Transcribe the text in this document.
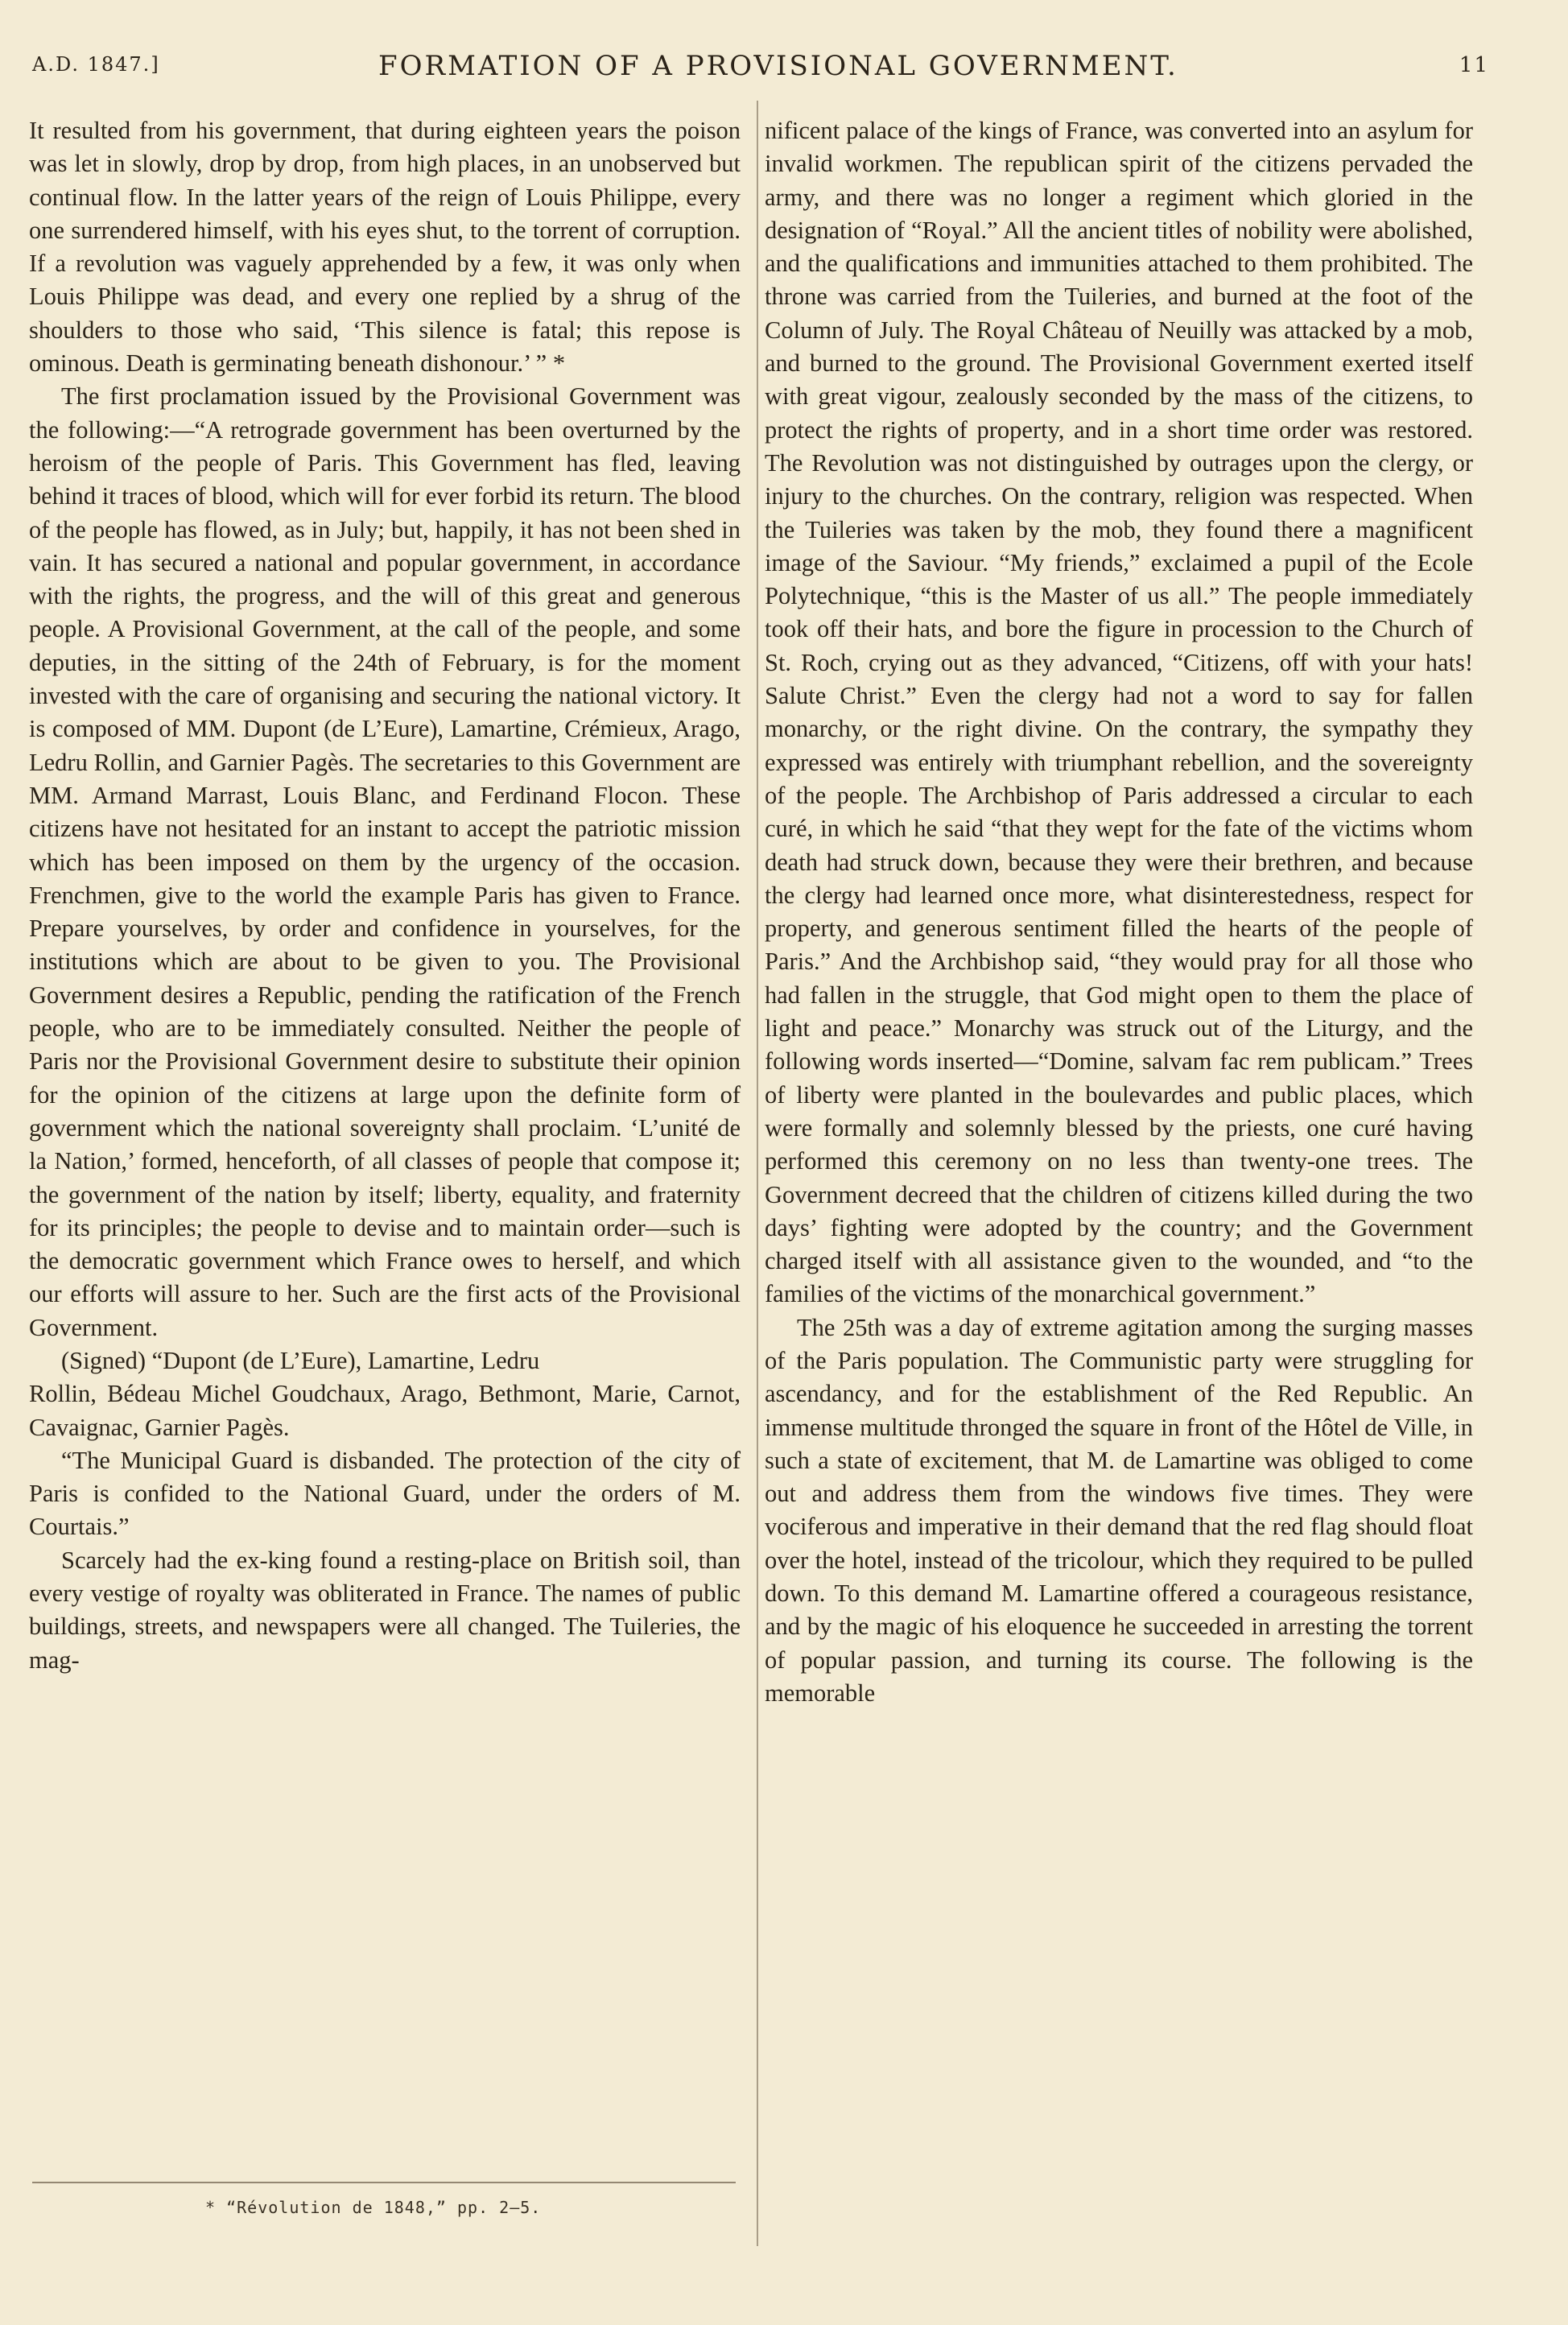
A.D. 1847.]	FORMATION OF A PROVISIONAL GOVERNMENT.	11

It resulted from his government, that during eighteen years the poison was let in slowly, drop by drop, from high places, in an unobserved but continual flow. In the latter years of the reign of Louis Philippe, every one surrendered himself, with his eyes shut, to the torrent of corruption. If a revolution was vaguely apprehended by a few, it was only when Louis Philippe was dead, and every one replied by a shrug of the shoulders to those who said, ‘This silence is fatal; this repose is ominous. Death is germinating beneath dishonour.’ ” *

The first proclamation issued by the Provisional Government was the following:—“A retrograde government has been overturned by the heroism of the people of Paris. This Government has fled, leaving behind it traces of blood, which will for ever forbid its return. The blood of the people has flowed, as in July; but, happily, it has not been shed in vain. It has secured a national and popular government, in accordance with the rights, the progress, and the will of this great and generous people. A Provisional Government, at the call of the people, and some deputies, in the sitting of the 24th of February, is for the moment invested with the care of organising and securing the national victory. It is composed of MM. Dupont (de L’Eure), Lamartine, Crémieux, Arago, Ledru Rollin, and Garnier Pagès. The secretaries to this Government are MM. Armand Marrast, Louis Blanc, and Ferdinand Flocon. These citizens have not hesitated for an instant to accept the patriotic mission which has been imposed on them by the urgency of the occasion. Frenchmen, give to the world the example Paris has given to France. Prepare yourselves, by order and confidence in yourselves, for the institutions which are about to be given to you. The Provisional Government desires a Republic, pending the ratification of the French people, who are to be immediately consulted. Neither the people of Paris nor the Provisional Government desire to substitute their opinion for the opinion of the citizens at large upon the definite form of government which the national sovereignty shall proclaim. ‘L’unité de la Nation,’ formed, henceforth, of all classes of people that compose it; the government of the nation by itself; liberty, equality, and fraternity for its principles; the people to devise and to maintain order—such is the democratic government which France owes to herself, and which our efforts will assure to her. Such are the first acts of the Provisional Government.

(Signed) “Dupont (de L’Eure), Lamartine, Ledru

Rollin, Bédeau Michel Goudchaux, Arago, Bethmont, Marie, Carnot, Cavaignac, Garnier Pagès.

“The Municipal Guard is disbanded. The protection of the city of Paris is confided to the National Guard, under the orders of M. Courtais.”

Scarcely had the ex-king found a resting-place on British soil, than every vestige of royalty was obliterated in France. The names of public buildings, streets, and newspapers were all changed. The Tuileries, the mag-

nificent palace of the kings of France, was converted into an asylum for invalid workmen. The republican spirit of the citizens pervaded the army, and there was no longer a regiment which gloried in the designation of “Royal.” All the ancient titles of nobility were abolished, and the qualifications and immunities attached to them prohibited. The throne was carried from the Tuileries, and burned at the foot of the Column of July. The Royal Château of Neuilly was attacked by a mob, and burned to the ground. The Provisional Government exerted itself with great vigour, zealously seconded by the mass of the citizens, to protect the rights of property, and in a short time order was restored. The Revolution was not distinguished by outrages upon the clergy, or injury to the churches. On the contrary, religion was respected. When the Tuileries was taken by the mob, they found there a magnificent image of the Saviour. “My friends,” exclaimed a pupil of the Ecole Polytechnique, “this is the Master of us all.” The people immediately took off their hats, and bore the figure in procession to the Church of St. Roch, crying out as they advanced, “Citizens, off with your hats! Salute Christ.” Even the clergy had not a word to say for fallen monarchy, or the right divine. On the contrary, the sympathy they expressed was entirely with triumphant rebellion, and the sovereignty of the people. The Archbishop of Paris addressed a circular to each curé, in which he said “that they wept for the fate of the victims whom death had struck down, because they were their brethren, and because the clergy had learned once more, what disinterestedness, respect for property, and generous sentiment filled the hearts of the people of Paris.” And the Archbishop said, “they would pray for all those who had fallen in the struggle, that God might open to them the place of light and peace.” Monarchy was struck out of the Liturgy, and the following words inserted—“Domine, salvam fac rem publicam.” Trees of liberty were planted in the boulevardes and public places, which were formally and solemnly blessed by the priests, one curé having performed this ceremony on no less than twenty-one trees. The Government decreed that the children of citizens killed during the two days’ fighting were adopted by the country; and the Government charged itself with all assistance given to the wounded, and “to the families of the victims of the monarchical government.”

The 25th was a day of extreme agitation among the surging masses of the Paris population. The Communistic party were struggling for ascendancy, and for the establishment of the Red Republic. An immense multitude thronged the square in front of the Hôtel de Ville, in such a state of excitement, that M. de Lamartine was obliged to come out and address them from the windows five times. They were vociferous and imperative in their demand that the red flag should float over the hotel, instead of the tricolour, which they required to be pulled down. To this demand M. Lamartine offered a courageous resistance, and by the magic of his eloquence he succeeded in arresting the torrent of popular passion, and turning its course. The following is the memorable

* “Révolution de 1848,” pp. 2—5.
